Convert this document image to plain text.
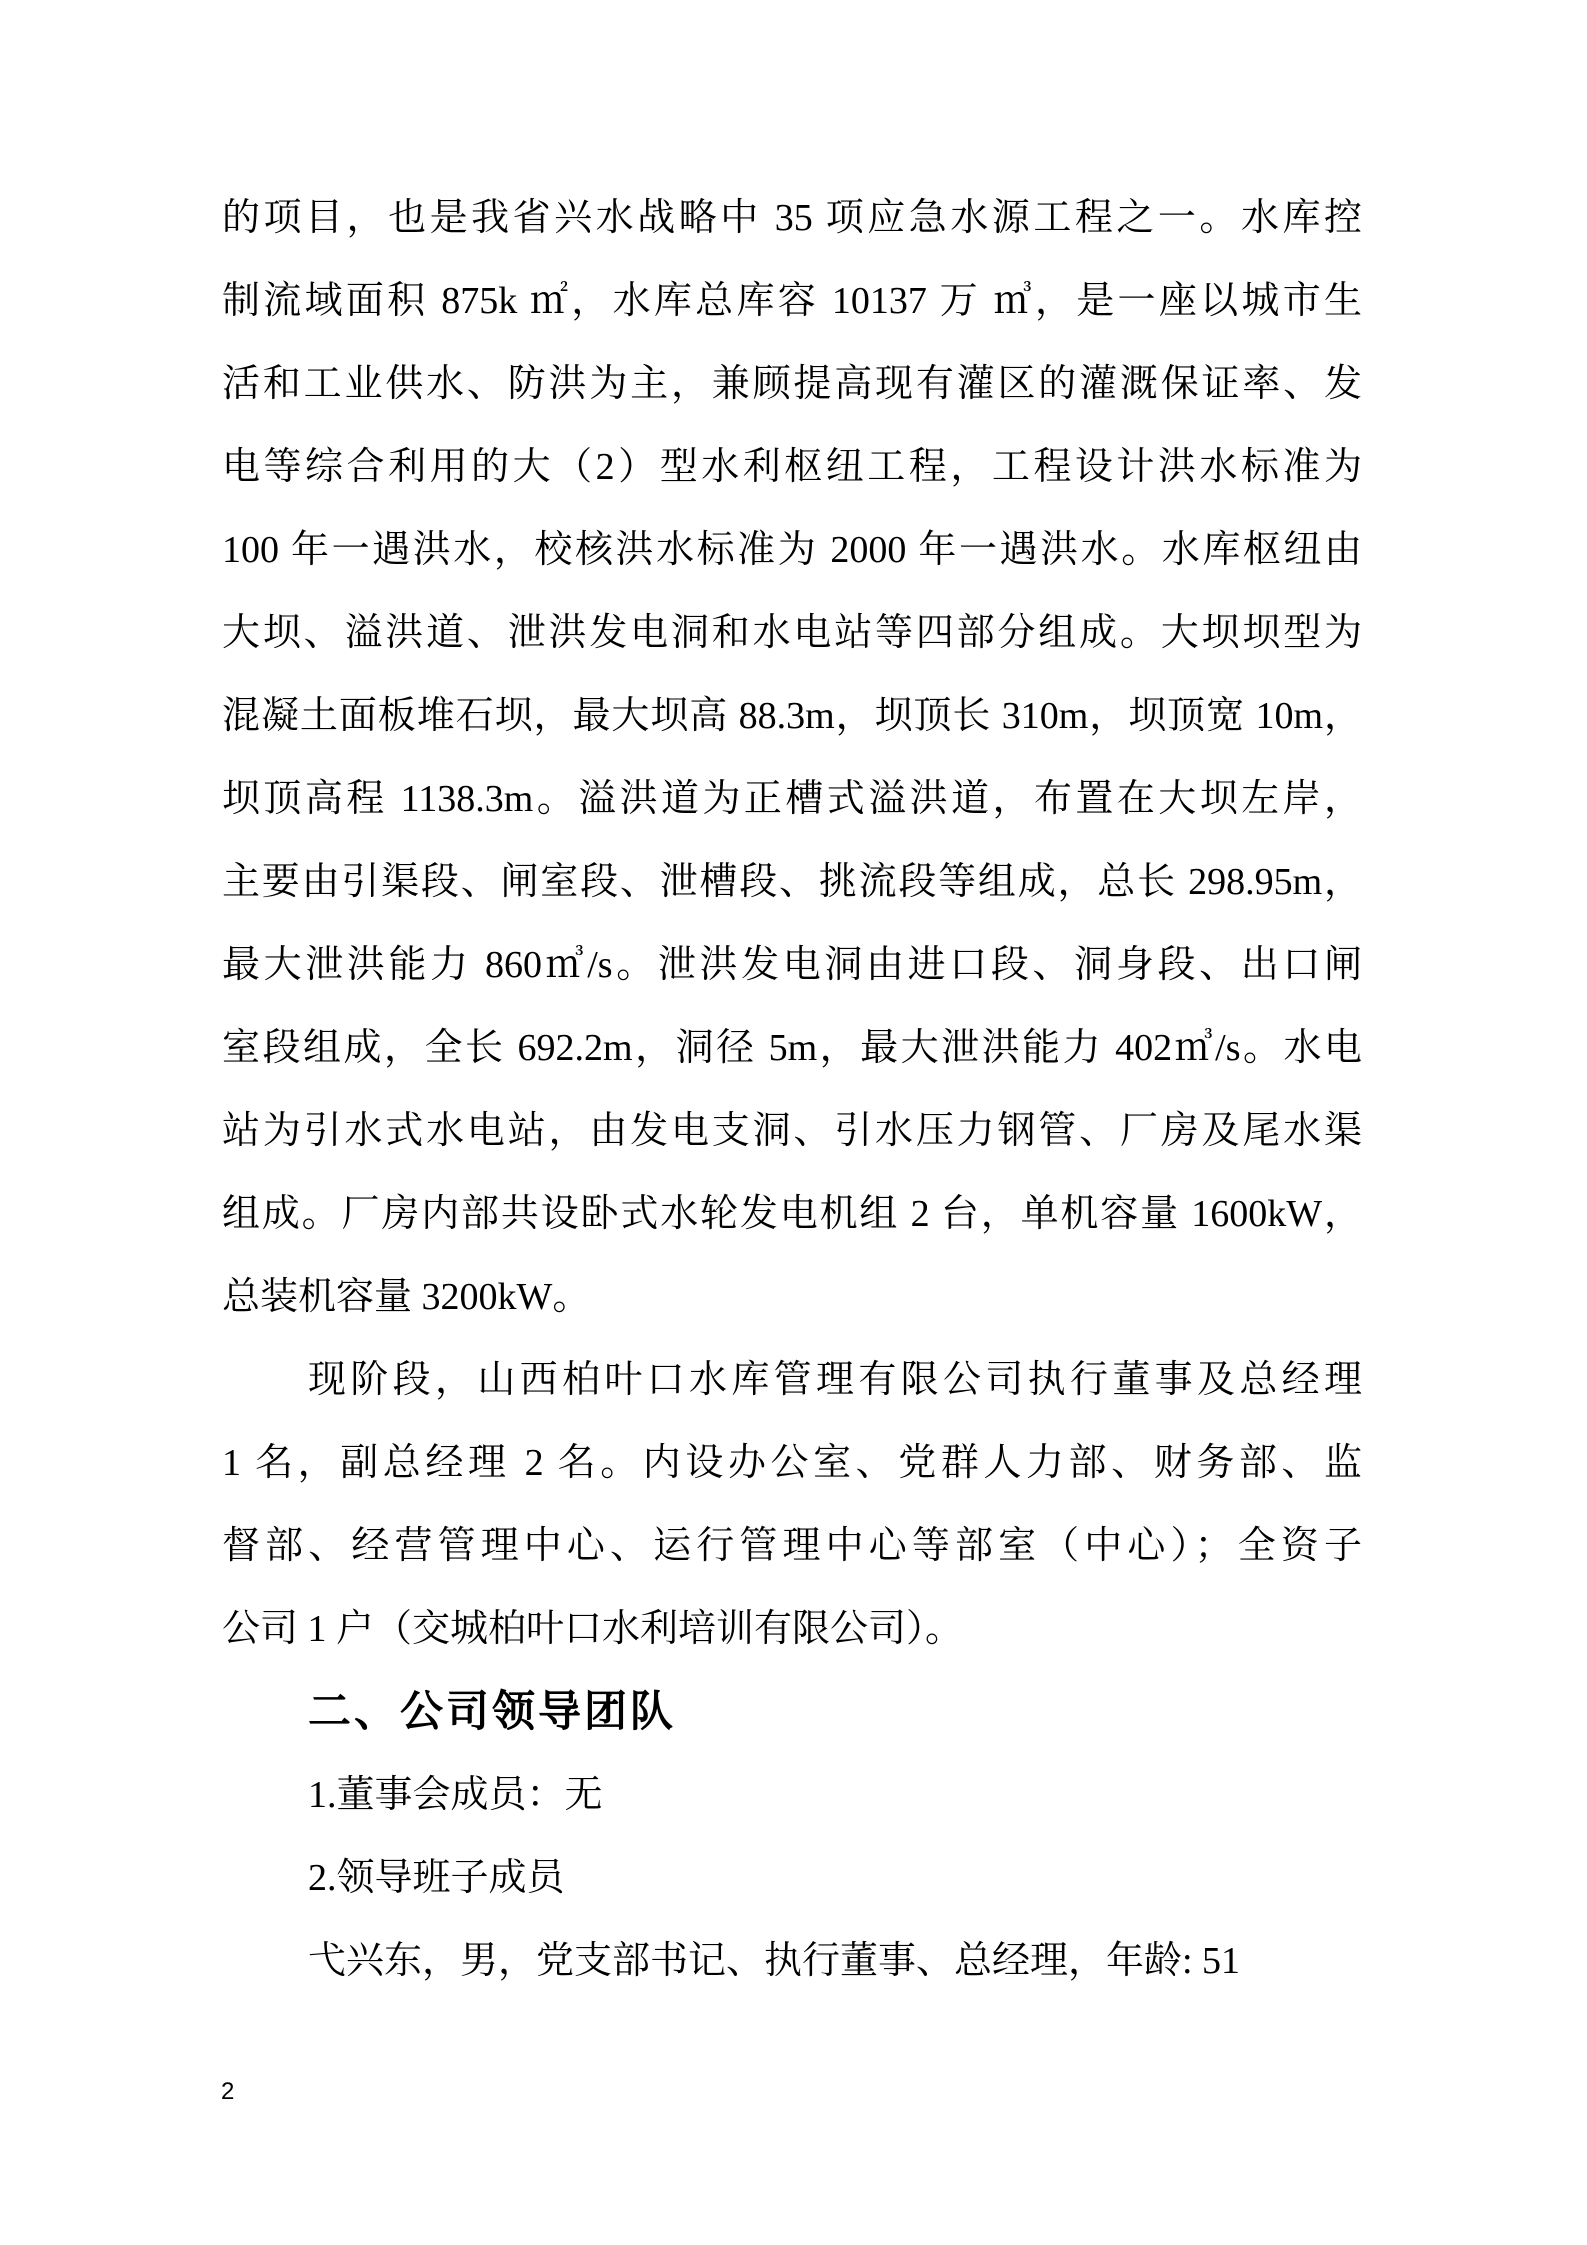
的项目，也是我省兴水战略中 35 项应急水源工程之一。水库控
制流域面积 875k ㎡，水库总库容 10137 万 ㎥，是一座以城市生
活和工业供水、防洪为主，兼顾提高现有灌区的灌溉保证率、发
电等综合利用的大（2）型水利枢纽工程，工程设计洪水标准为
100 年一遇洪水，校核洪水标准为 2000 年一遇洪水。水库枢纽由
大坝、溢洪道、泄洪发电洞和水电站等四部分组成。大坝坝型为
混凝土面板堆石坝，最大坝高 88.3m，坝顶长 310m，坝顶宽 10m，
坝顶高程 1138.3m。溢洪道为正槽式溢洪道，布置在大坝左岸，
主要由引渠段、闸室段、泄槽段、挑流段等组成，总长 298.95m，
最大泄洪能力 860㎥/s。泄洪发电洞由进口段、洞身段、出口闸
室段组成，全长 692.2m，洞径 5m，最大泄洪能力 402㎥/s。水电
站为引水式水电站，由发电支洞、引水压力钢管、厂房及尾水渠
组成。厂房内部共设卧式水轮发电机组 2 台，单机容量 1600kW，
总装机容量 3200kW。
现阶段，山西柏叶口水库管理有限公司执行董事及总经理
1 名，副总经理 2 名。内设办公室、党群人力部、财务部、监
督部、经营管理中心、运行管理中心等部室（中心）；全资子
公司 1 户（交城柏叶口水利培训有限公司）。
二、公司领导团队
1.董事会成员：无
2.领导班子成员
弋兴东，男，党支部书记、执行董事、总经理，年龄: 51
2
